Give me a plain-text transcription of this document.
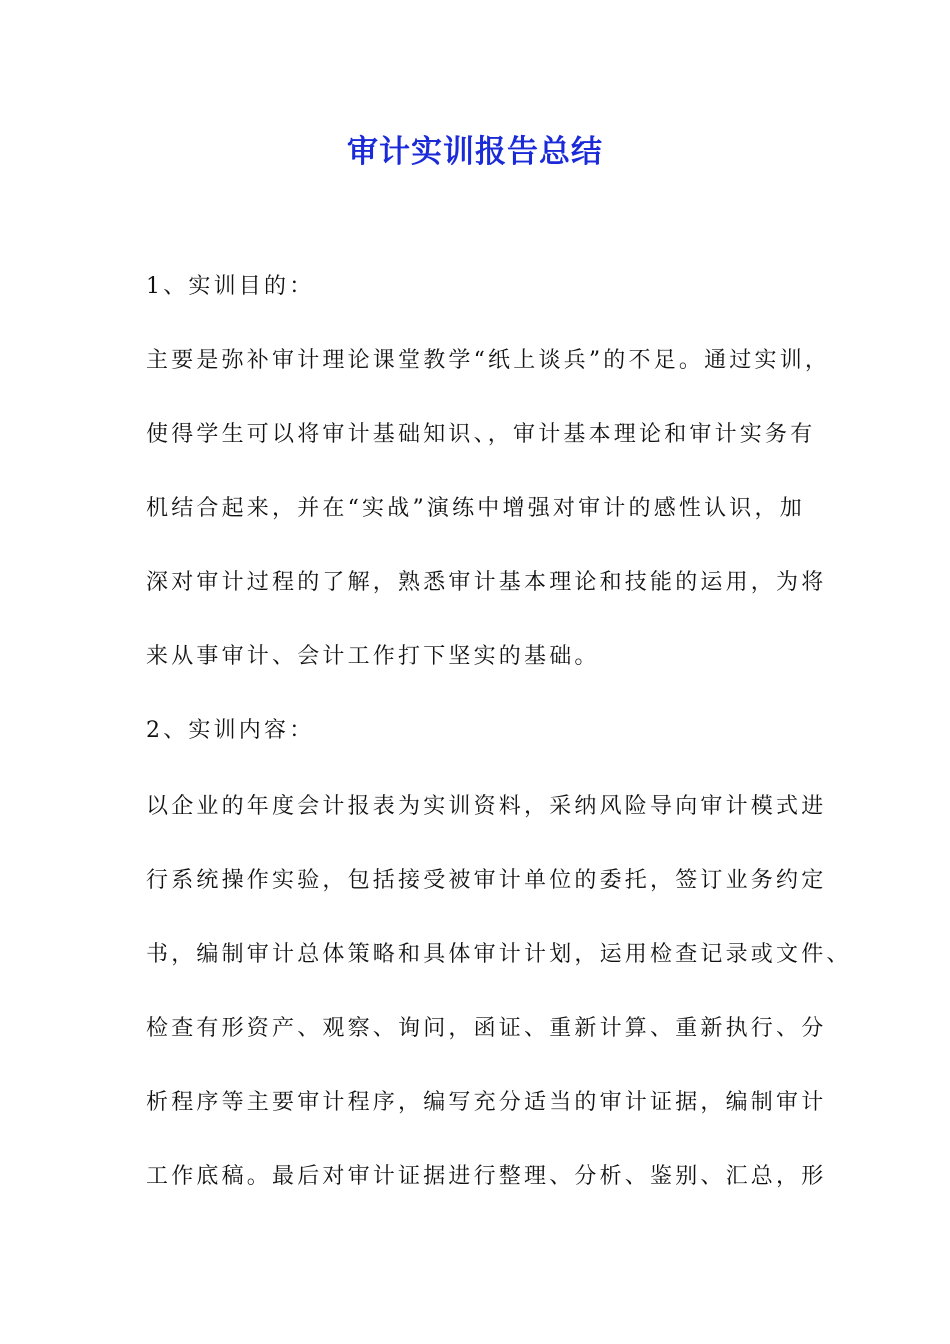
审计实训报告总结
1、实训目的：
主要是弥补审计理论课堂教学“纸上谈兵”的不足。通过实训，
使得学生可以将审计基础知识、，审计基本理论和审计实务有
机结合起来，并在“实战”演练中增强对审计的感性认识，加
深对审计过程的了解，熟悉审计基本理论和技能的运用，为将
来从事审计、会计工作打下坚实的基础。
2、实训内容：
以企业的年度会计报表为实训资料，采纳风险导向审计模式进
行系统操作实验，包括接受被审计单位的委托，签订业务约定
书，编制审计总体策略和具体审计计划，运用检查记录或文件、
检查有形资产、观察、询问，函证、重新计算、重新执行、分
析程序等主要审计程序，编写充分适当的审计证据，编制审计
工作底稿。最后对审计证据进行整理、分析、鉴别、汇总，形
